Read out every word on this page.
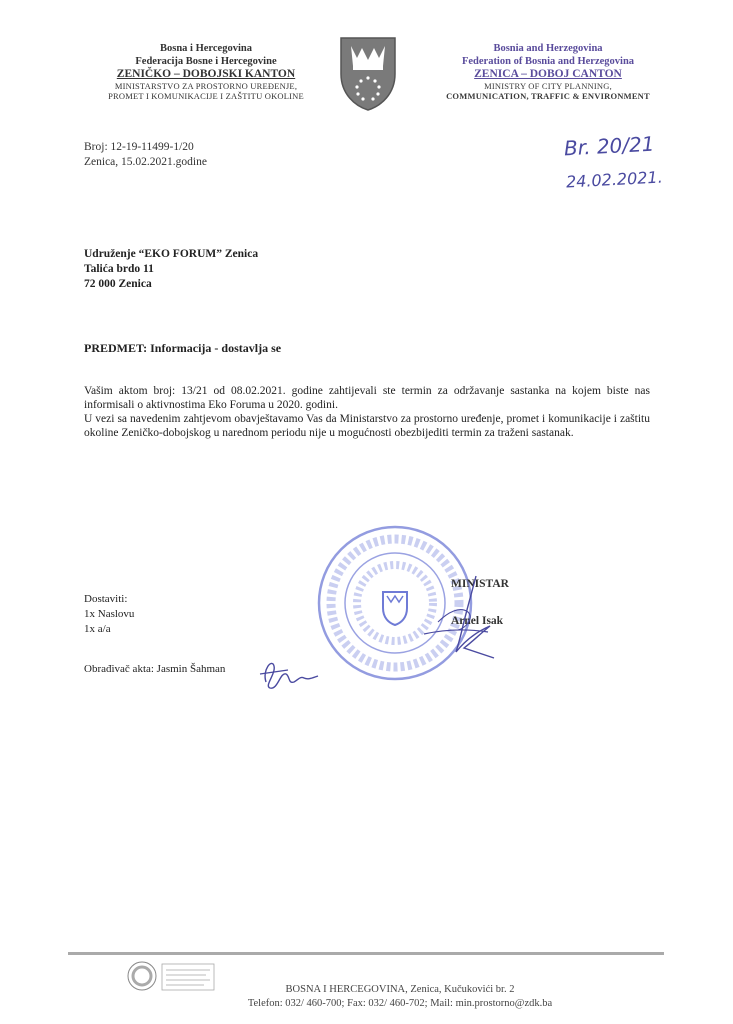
Bosna i Hercegovina
Federacija Bosne i Hercegovine
ZENIČKO – DOBOJSKI KANTON
MINISTARSTVO ZA PROSTORNO UREĐENJE,
PROMET I KOMUNIKACIJE I ZAŠTITU OKOLINE
Bosnia and Herzegovina
Federation of Bosnia and Herzegovina
ZENICA – DOBOJ CANTON
MINISTRY OF CITY PLANNING,
COMMUNICATION, TRAFFIC & ENVIRONMENT
Broj: 12-19-11499-1/20
Zenica, 15.02.2021.godine
Br. 20/21
24.02.2021.
Udruženje “EKO FORUM” Zenica
Talića brdo 11
72 000 Zenica
PREDMET: Informacija - dostavlja se

Vašim aktom broj: 13/21 od 08.02.2021. godine zahtijevali ste termin za održavanje sastanka na kojem biste nas informisali o aktivnostima Eko Foruma u 2020. godini.

U vezi sa navedenim zahtjevom obavještavamo Vas da Ministarstvo za prostorno uređenje, promet i komunikacije i zaštitu okoline Zeničko-dobojskog u narednom periodu nije u mogućnosti obezbijediti termin za traženi sastanak.

Dostaviti:
1x Naslovu
1x a/a
Obrađivač akta: Jasmin Šahman
MINISTAR
Arnel Isak
BOSNA I HERCEGOVINA, Zenica, Kučukovići br. 2
Telefon: 032/ 460-700; Fax: 032/ 460-702; Mail: min.prostorno@zdk.ba
